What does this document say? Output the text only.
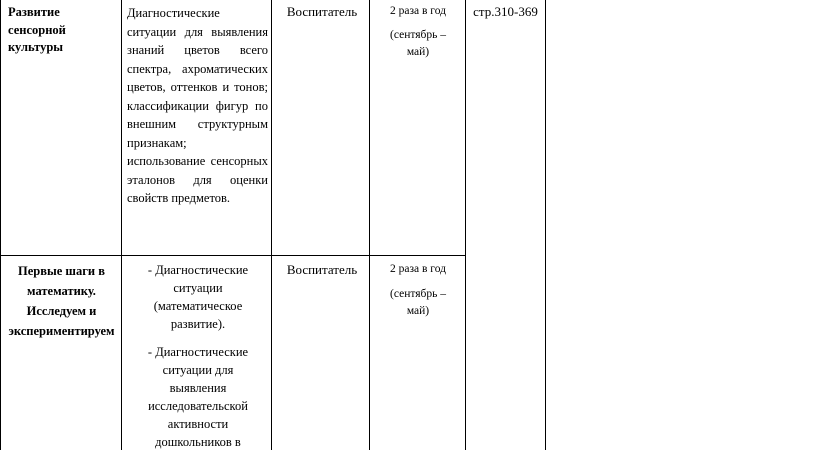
Развитие сенсорной культуры
Диагностические ситуации для выявления знаний цветов всего спектра, ахроматических цветов, оттенков и тонов; классификации фигур по внешним структурным признакам; использование сенсорных эталонов для оценки свойств предметов.
Воспитатель	2 раза в год
(сентябрь – май)
стр.310-369
Первые шаги в математику. Исследуем и экспериментируем
- Диагностические ситуации (математическое развитие).
- Диагностические ситуации для выявления исследовательской активности дошкольников в
Воспитатель	2 раза в год
(сентябрь – май)
